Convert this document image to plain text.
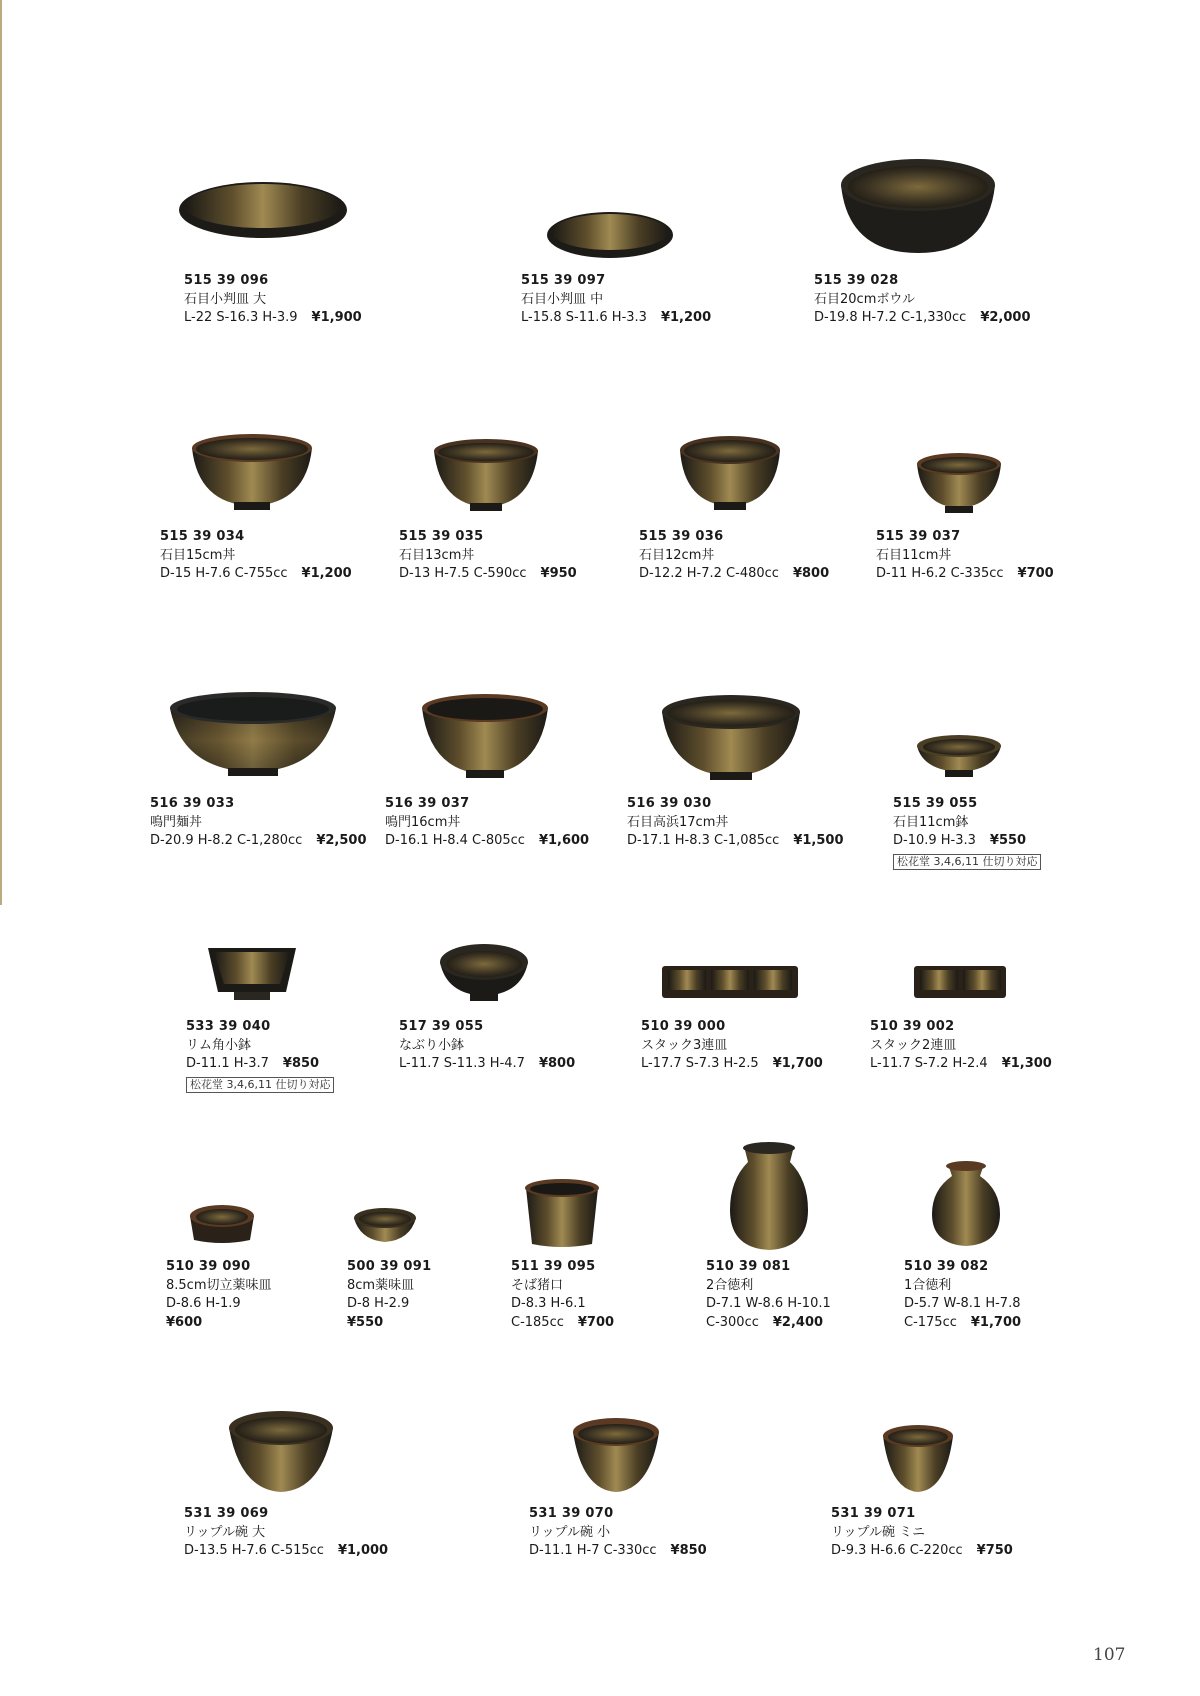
515 39 096
石目小判皿 大
L-22 S-16.3 H-3.9 ¥1,900
515 39 097
石目小判皿 中
L-15.8 S-11.6 H-3.3 ¥1,200
515 39 028
石目20cmボウル
D-19.8 H-7.2 C-1,330cc ¥2,000
515 39 034
石目15cm丼
D-15 H-7.6 C-755cc ¥1,200
515 39 035
石目13cm丼
D-13 H-7.5 C-590cc ¥950
515 39 036
石目12cm丼
D-12.2 H-7.2 C-480cc ¥800
515 39 037
石目11cm丼
D-11 H-6.2 C-335cc ¥700
516 39 033
鳴門麺丼
D-20.9 H-8.2 C-1,280cc ¥2,500
516 39 037
鳴門16cm丼
D-16.1 H-8.4 C-805cc ¥1,600
516 39 030
石目高浜17cm丼
D-17.1 H-8.3 C-1,085cc ¥1,500
515 39 055
石目11cm鉢
D-10.9 H-3.3 ¥550
松花堂 3,4,6,11 仕切り対応
533 39 040
リム角小鉢
D-11.1 H-3.7 ¥850
松花堂 3,4,6,11 仕切り対応
517 39 055
なぶり小鉢
L-11.7 S-11.3 H-4.7 ¥800
510 39 000
スタック3連皿
L-17.7 S-7.3 H-2.5 ¥1,700
510 39 002
スタック2連皿
L-11.7 S-7.2 H-2.4 ¥1,300
510 39 090
8.5cm切立薬味皿
D-8.6 H-1.9
¥600
500 39 091
8cm薬味皿
D-8 H-2.9
¥550
511 39 095
そば猪口
D-8.3 H-6.1
C-185cc ¥700
510 39 081
2合徳利
D-7.1 W-8.6 H-10.1
C-300cc ¥2,400
510 39 082
1合徳利
D-5.7 W-8.1 H-7.8
C-175cc ¥1,700
531 39 069
リップル碗 大
D-13.5 H-7.6 C-515cc ¥1,000
531 39 070
リップル碗 小
D-11.1 H-7 C-330cc ¥850
531 39 071
リップル碗 ミニ
D-9.3 H-6.6 C-220cc ¥750
107
